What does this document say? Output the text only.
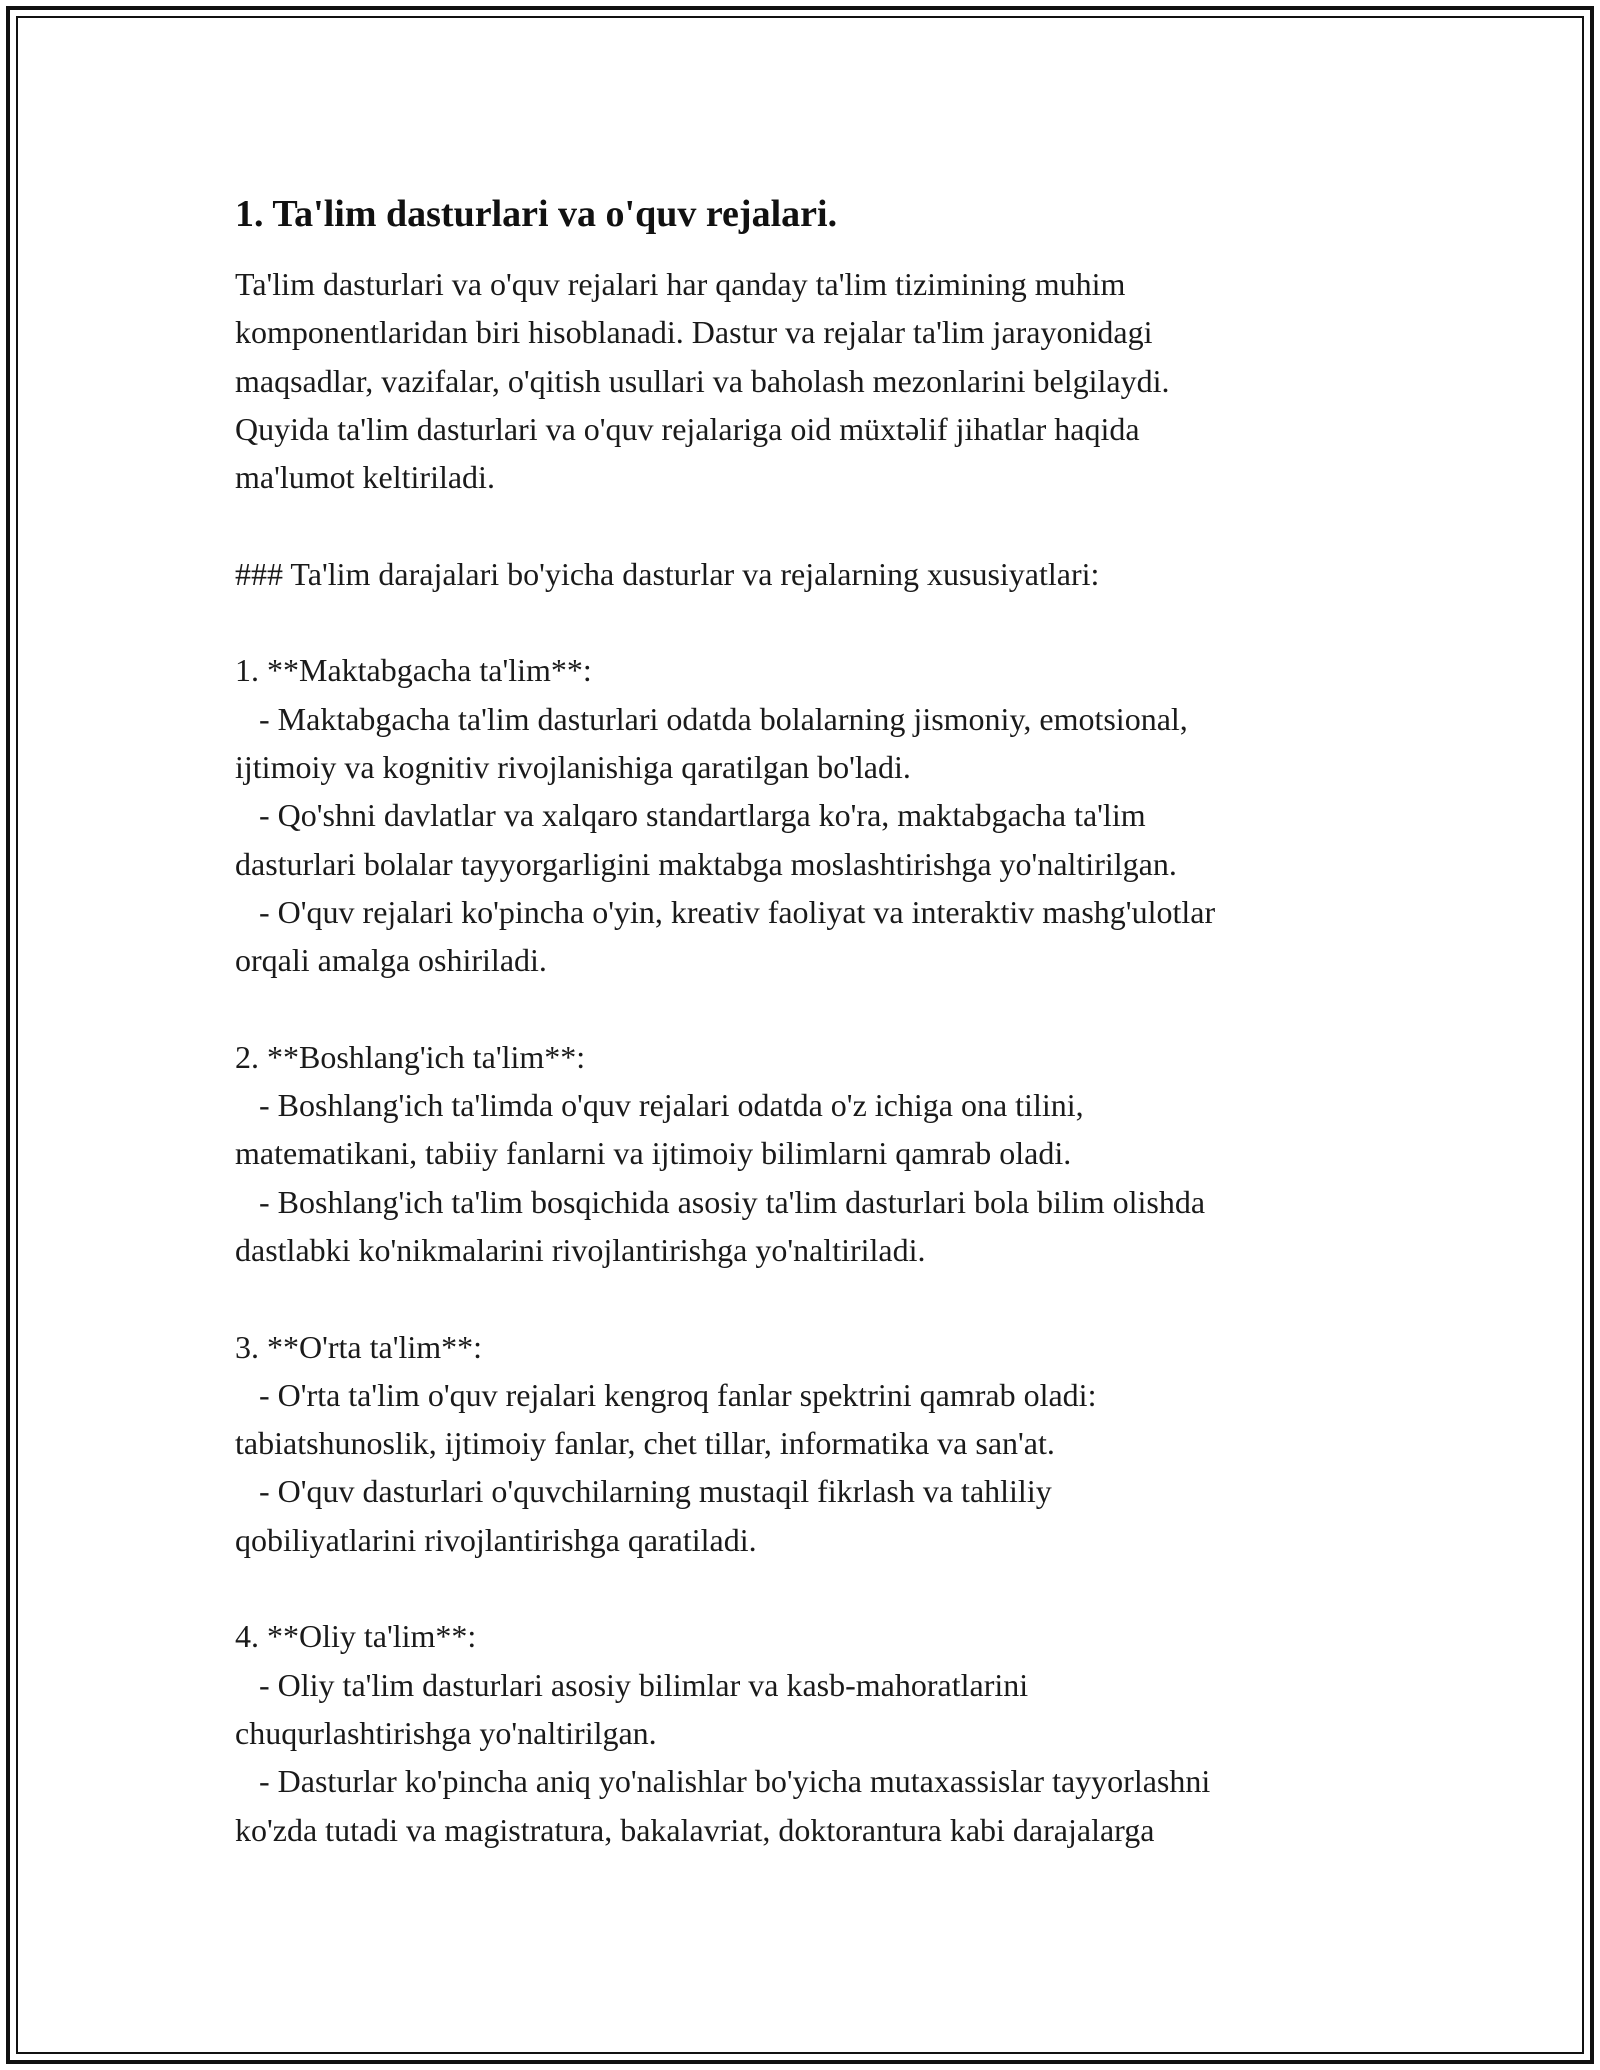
1. Ta'lim dasturlari va o'quv rejalari.

Ta'lim dasturlari va o'quv rejalari har qanday ta'lim tizimining muhim
komponentlaridan biri hisoblanadi. Dastur va rejalar ta'lim jarayonidagi
maqsadlar, vazifalar, o'qitish usullari va baholash mezonlarini belgilaydi.
Quyida ta'lim dasturlari va o'quv rejalariga oid müxtəlif jihatlar haqida
ma'lumot keltiriladi.

### Ta'lim darajalari bo'yicha dasturlar va rejalarning xususiyatlari:

1. **Maktabgacha ta'lim**:
- Maktabgacha ta'lim dasturlari odatda bolalarning jismoniy, emotsional,
ijtimoiy va kognitiv rivojlanishiga qaratilgan bo'ladi.
- Qo'shni davlatlar va xalqaro standartlarga ko'ra, maktabgacha ta'lim
dasturlari bolalar tayyorgarligini maktabga moslashtirishga yo'naltirilgan.
- O'quv rejalari ko'pincha o'yin, kreativ faoliyat va interaktiv mashg'ulotlar
orqali amalga oshiriladi.

2. **Boshlang'ich ta'lim**:
- Boshlang'ich ta'limda o'quv rejalari odatda o'z ichiga ona tilini,
matematikani, tabiiy fanlarni va ijtimoiy bilimlarni qamrab oladi.
- Boshlang'ich ta'lim bosqichida asosiy ta'lim dasturlari bola bilim olishda
dastlabki ko'nikmalarini rivojlantirishga yo'naltiriladi.

3. **O'rta ta'lim**:
- O'rta ta'lim o'quv rejalari kengroq fanlar spektrini qamrab oladi:
tabiatshunoslik, ijtimoiy fanlar, chet tillar, informatika va san'at.
- O'quv dasturlari o'quvchilarning mustaqil fikrlash va tahliliy
qobiliyatlarini rivojlantirishga qaratiladi.

4. **Oliy ta'lim**:
- Oliy ta'lim dasturlari asosiy bilimlar va kasb-mahoratlarini
chuqurlashtirishga yo'naltirilgan.
- Dasturlar ko'pincha aniq yo'nalishlar bo'yicha mutaxassislar tayyorlashni
ko'zda tutadi va magistratura, bakalavriat, doktorantura kabi darajalarga
